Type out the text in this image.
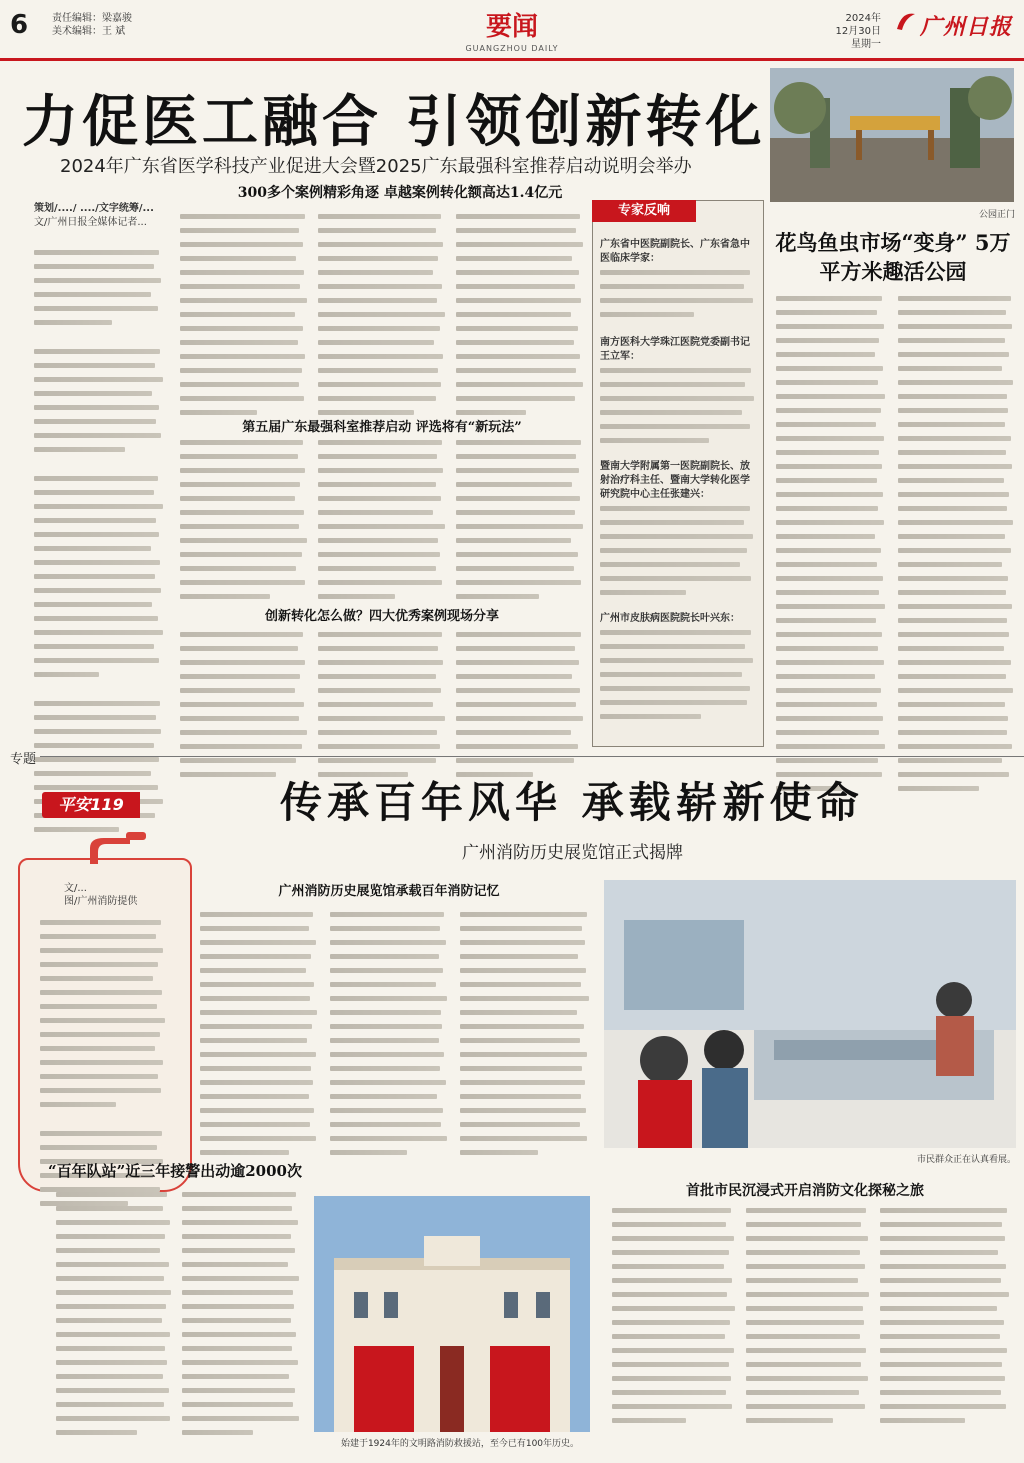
6 责任编辑：梁嘉骏
美术编辑：王 斌	要闻
GUANGZHOU DAILY
2024年
12月30日
星期一
广州日报
力促医工融合 引领创新转化
2024年广东省医学科技产业促进大会暨2025广东最强科室推荐启动说明会举办
300多个案例精彩角逐 卓越案例转化额高达1.4亿元
策划/..../ ..../文字统筹/...
文/广州日报全媒体记者...
第五届广东最强科室推荐启动 评选将有“新玩法”
创新转化怎么做？四大优秀案例现场分享
专家反响
广东省中医院副院长、广东省急中医临床学家：
南方医科大学珠江医院党委副书记王立军：
暨南大学附属第一医院副院长、放射治疗科主任、暨南大学转化医学研究院中心主任张建兴：
广州市皮肤病医院院长叶兴东：
公园正门
花鸟鱼虫市场“变身” 5万平方米趣活公园
专题
平安119	传承百年风华 承载崭新使命
广州消防历史展览馆正式揭牌
文/...
图/广州消防提供
广州消防历史展览馆承载百年消防记忆
市民群众正在认真看展。
“百年队站”近三年接警出动逾2000次
始建于1924年的文明路消防救援站，至今已有100年历史。
首批市民沉浸式开启消防文化探秘之旅
